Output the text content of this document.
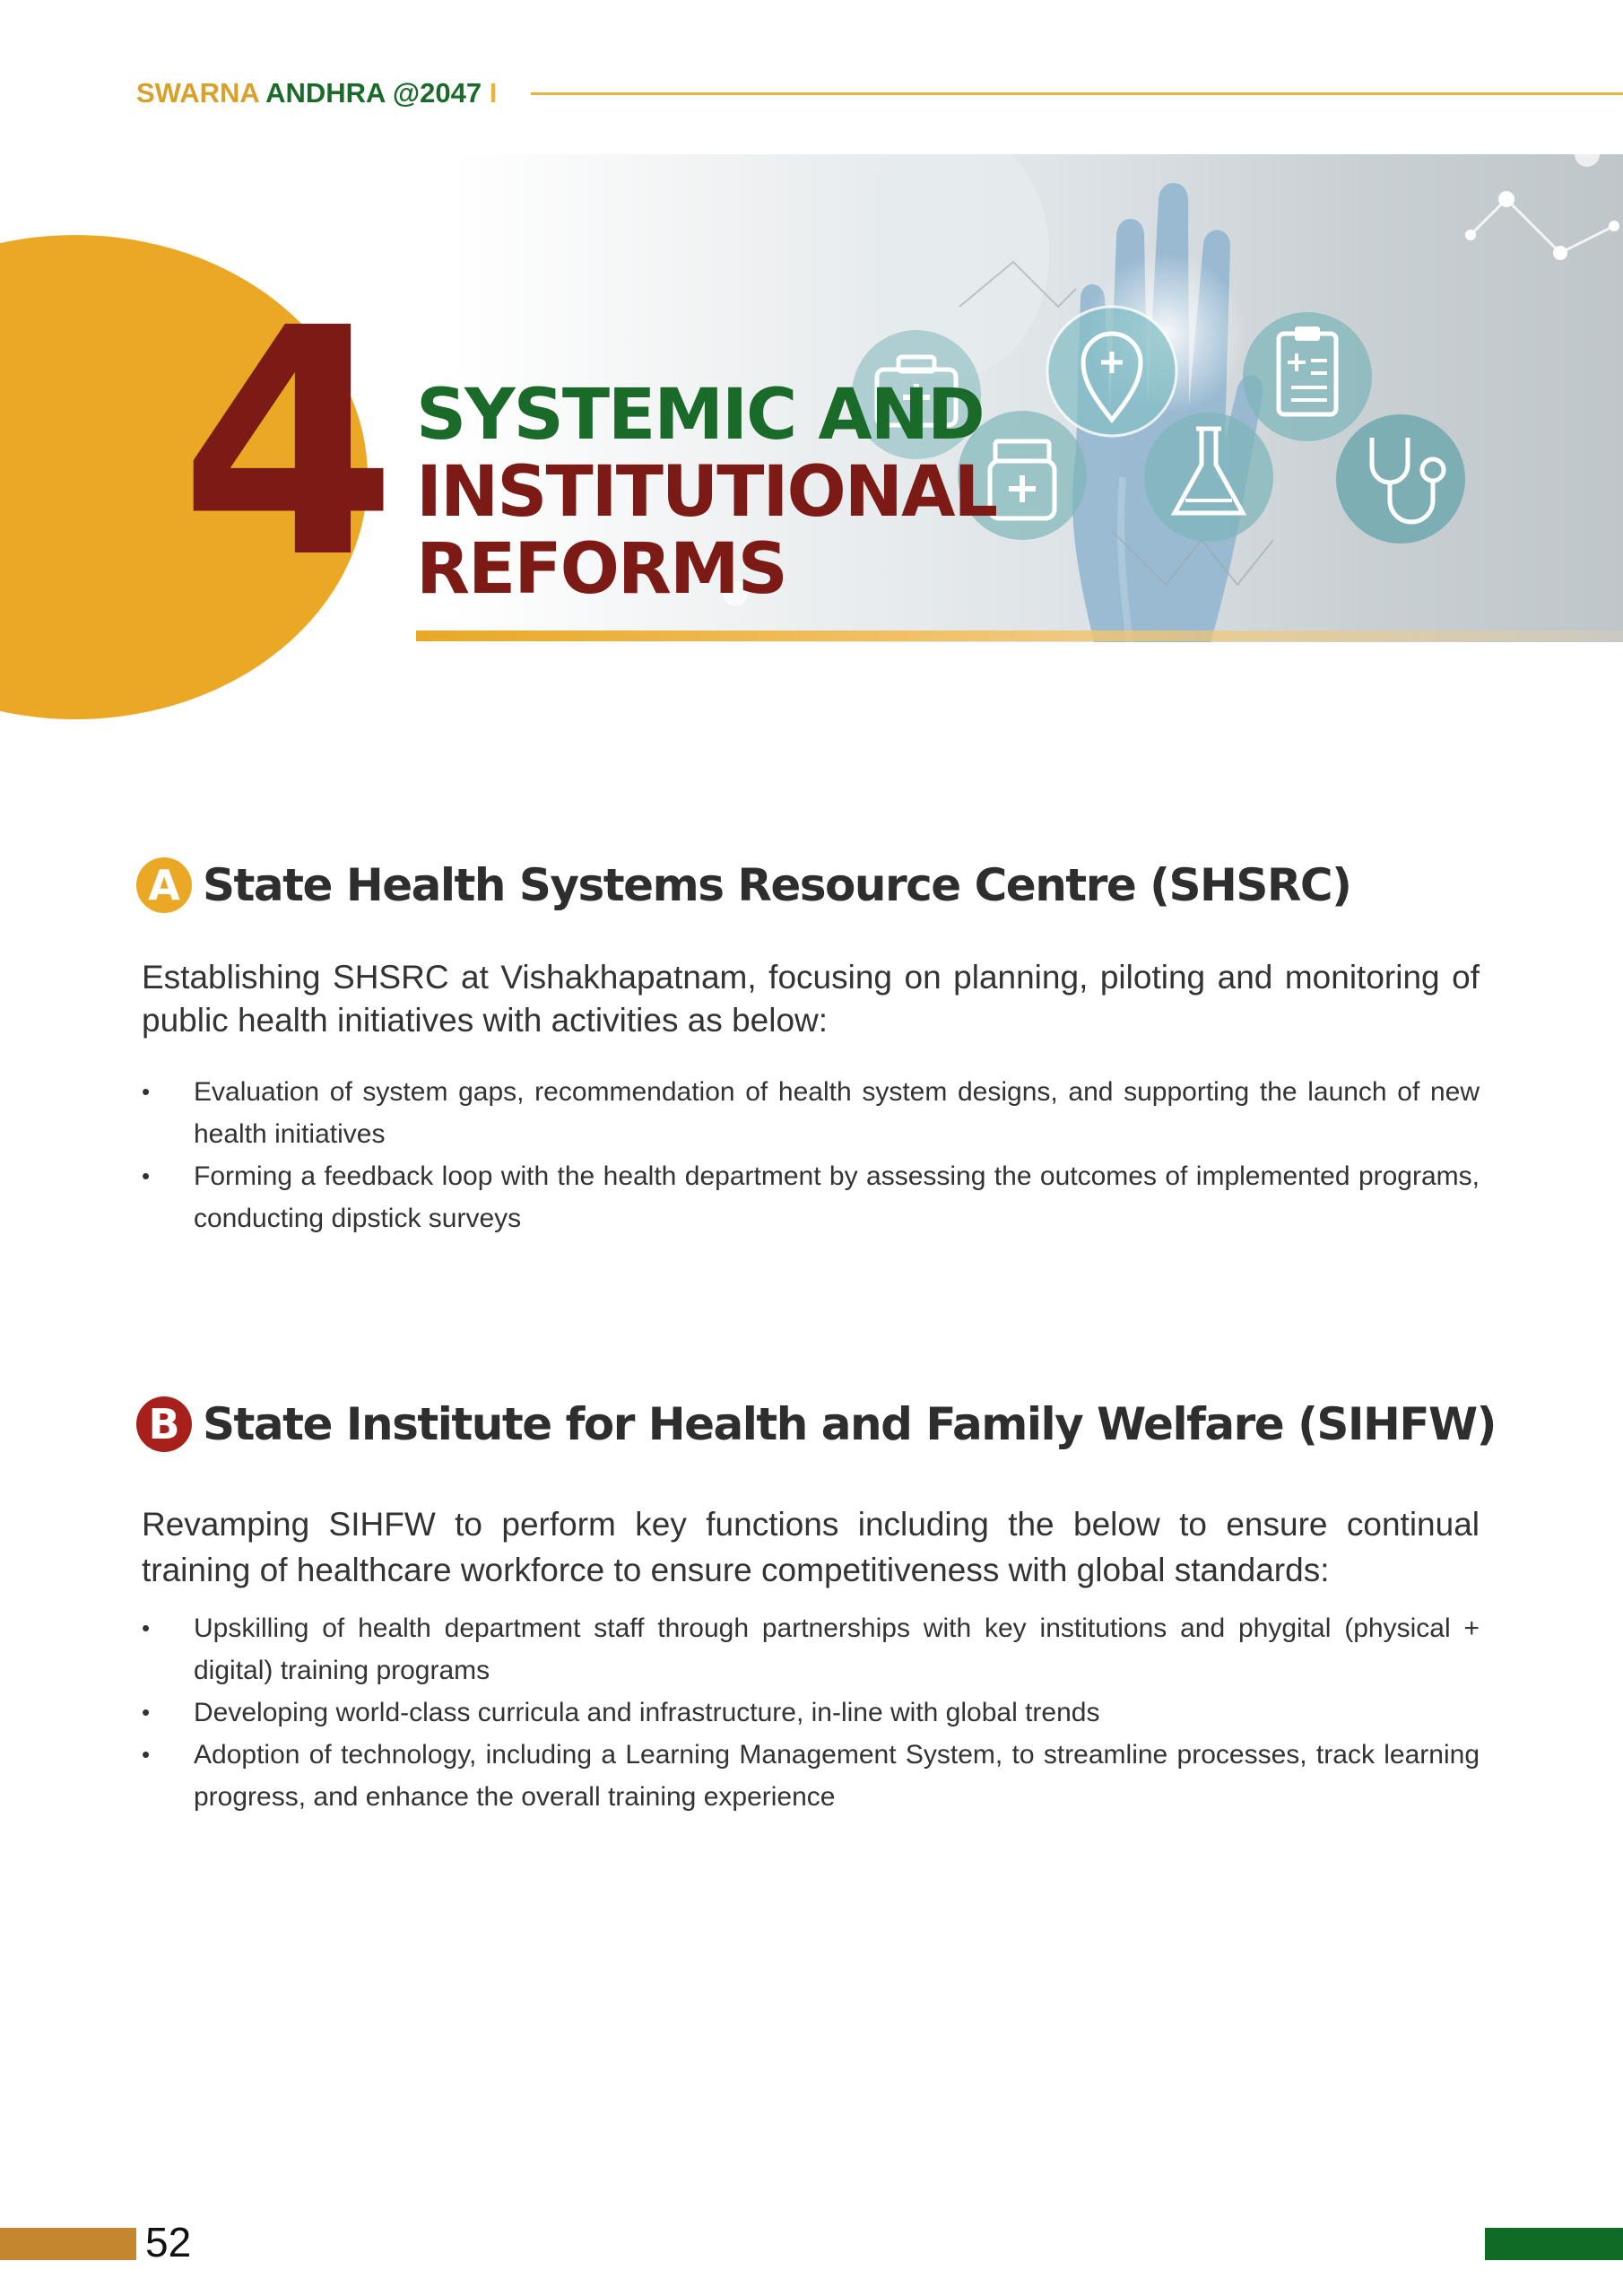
SWARNA ANDHRA @2047 I
4 SYSTEMIC AND
INSTITUTIONAL
REFORMS
A State Health Systems Resource Centre (SHSRC)
Establishing SHSRC at Vishakhapatnam, focusing on planning, piloting and monitoring of public health initiatives with activities as below:
• Evaluation of system gaps, recommendation of health system designs, and supporting the launch of new health initiatives
• Forming a feedback loop with the health department by assessing the outcomes of implemented programs, conducting dipstick surveys
B State Institute for Health and Family Welfare (SIHFW)
Revamping SIHFW to perform key functions including the below to ensure continual training of healthcare workforce to ensure competitiveness with global standards:
• Upskilling of health department staff through partnerships with key institutions and phygital (physical + digital) training programs
• Developing world-class curricula and infrastructure, in-line with global trends
• Adoption of technology, including a Learning Management System, to streamline processes, track learning progress, and enhance the overall training experience
52
